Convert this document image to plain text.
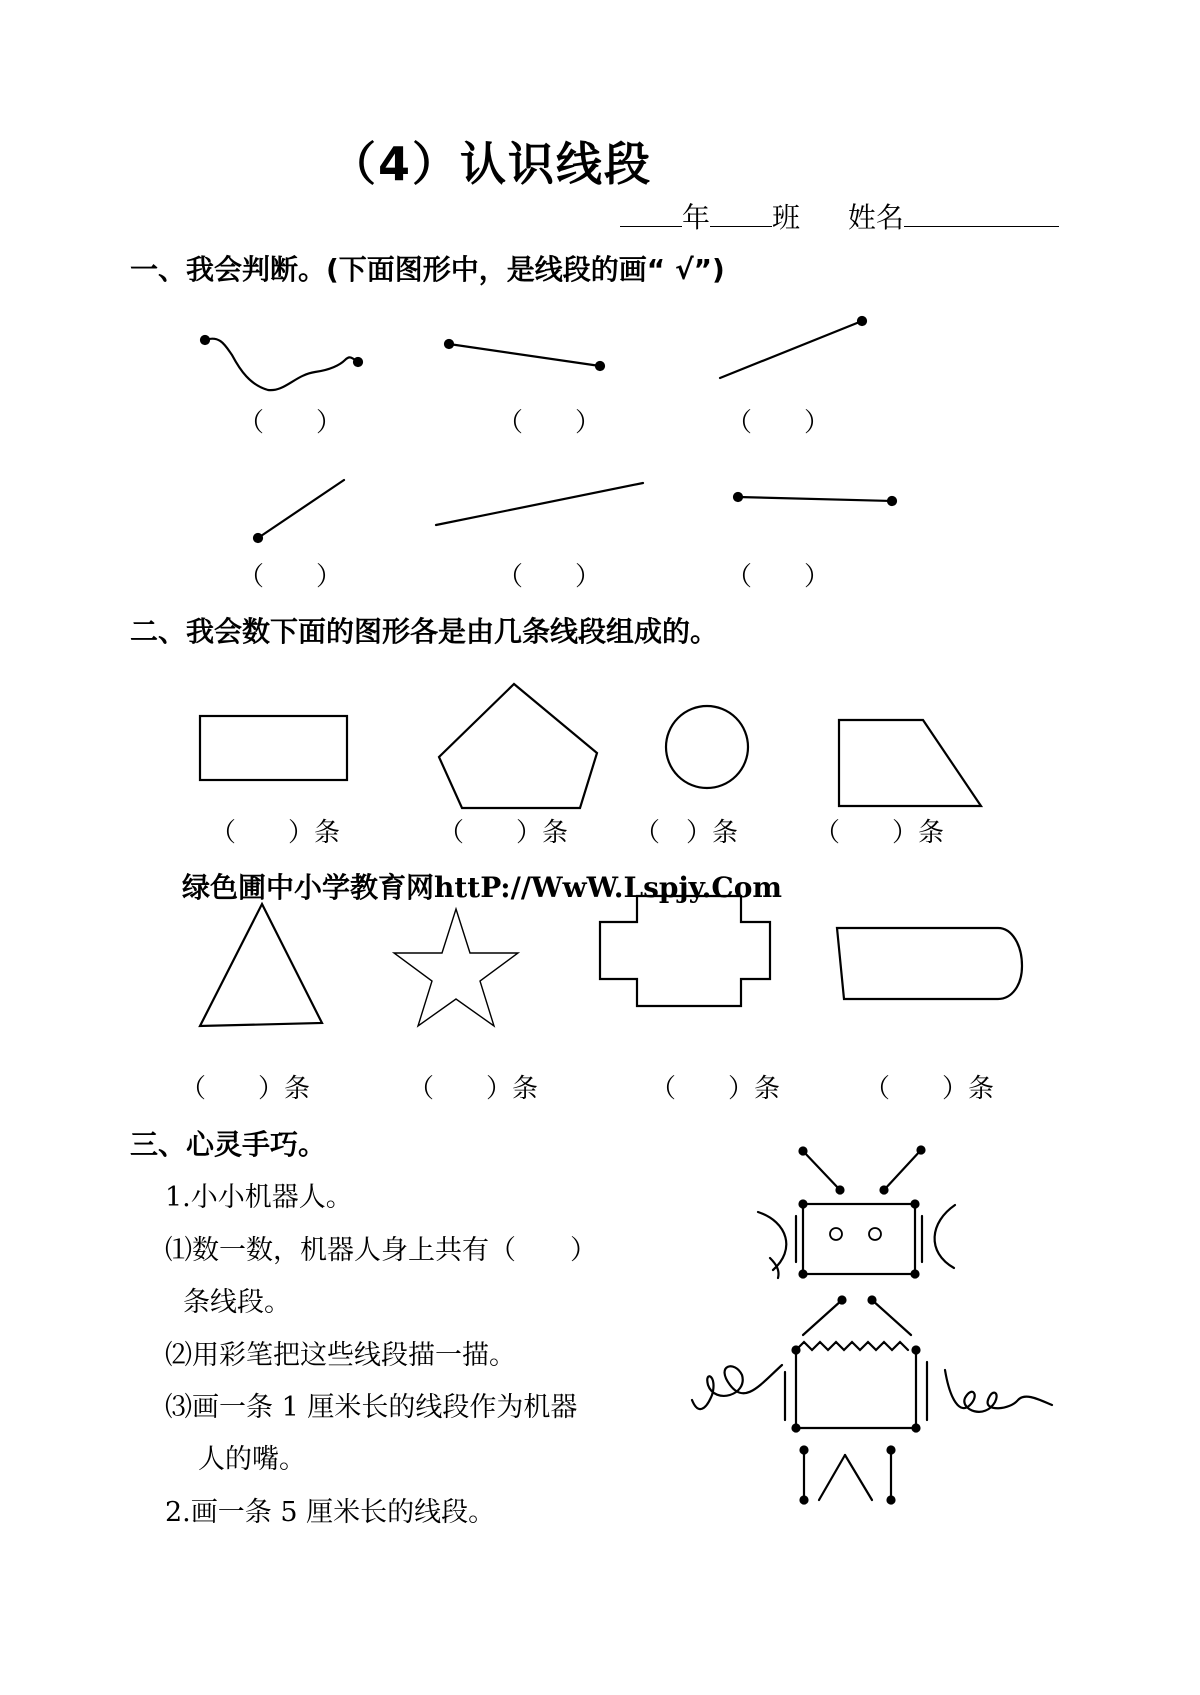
（4）认识线段
年 班 姓名
一、我会判断。(下面图形中，是线段的画“ √”)
（　　）	（　　）	（　　）
（　　）	（　　）	（　　）
二、我会数下面的图形各是由几条线段组成的。
（　　）条	（　　）条	（　）条	（　　）条
绿色圃中小学教育网httP://WwW.Lspjy.Com
（　　）条	（　　）条	（　　）条	（　　）条
三、心灵手巧。
1.小小机器人。
⑴数一数，机器人身上共有（　　）
条线段。
⑵用彩笔把这些线段描一描。
⑶画一条 1 厘米长的线段作为机器
人的嘴。
2.画一条 5 厘米长的线段。
